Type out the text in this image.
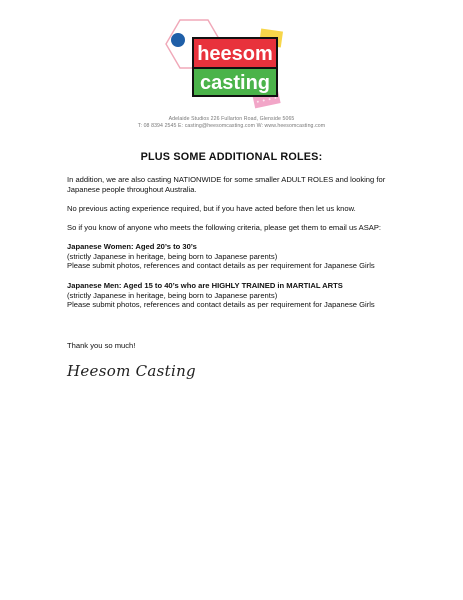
heesom
casting
Adelaide Studios 226 Fullarton Road, Glenside 5065
T: 08 8394 2545 E: casting@heesomcasting.com W: www.heesomcasting.com
PLUS SOME ADDITIONAL ROLES:
In addition, we are also casting NATIONWIDE for some smaller ADULT ROLES and looking for Japanese people throughout Australia.
No previous acting experience required, but if you have acted before then let us know.
So if you know of anyone who meets the following criteria, please get them to email us ASAP:
Japanese Women: Aged 20’s to 30’s
(strictly Japanese in heritage, being born to Japanese parents)
Please submit photos, references and contact details as per requirement for Japanese Girls
Japanese Men: Aged 15 to 40’s who are HIGHLY TRAINED in MARTIAL ARTS
(strictly Japanese in heritage, being born to Japanese parents)
Please submit photos, references and contact details as per requirement for Japanese Girls
Thank you so much!
Heesom Casting
